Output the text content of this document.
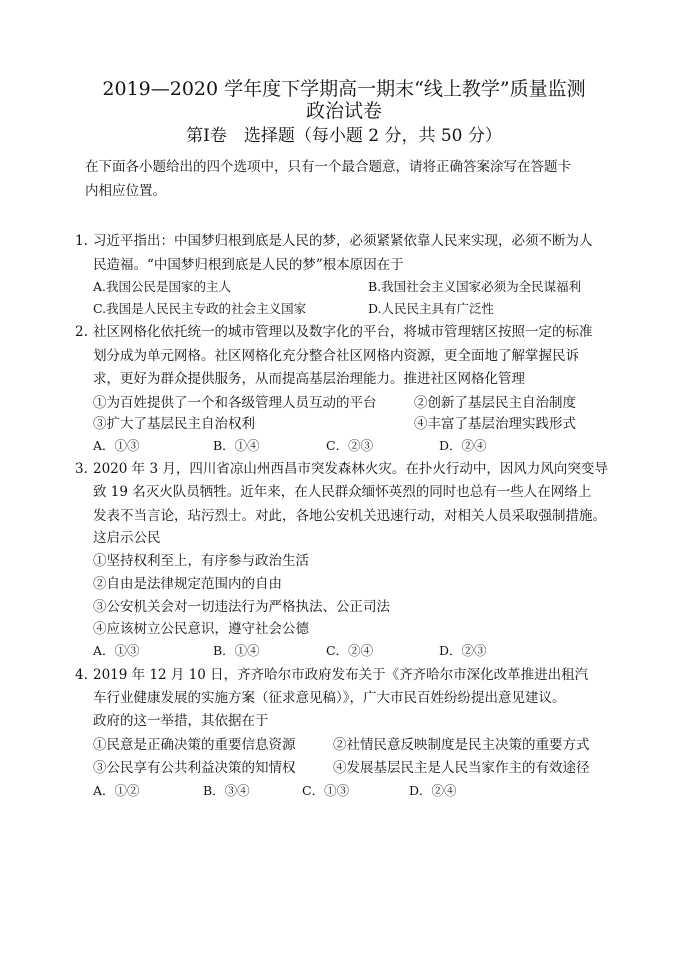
2019—2020 学年度下学期高一期末“线上教学”质量监测
政治试卷
第Ⅰ卷　选择题（每小题 2 分，共 50 分）
在下面各小题给出的四个选项中，只有一个最合题意，请将正确答案涂写在答题卡
内相应位置。
1. 习近平指出：中国梦归根到底是人民的梦，必须紧紧依靠人民来实现，必须不断为人
民造福。“中国梦归根到底是人民的梦”根本原因在于
A.我国公民是国家的主人	B.我国社会主义国家必须为全民谋福利
C.我国是人民民主专政的社会主义国家	D.人民民主具有广泛性
2. 社区网格化依托统一的城市管理以及数字化的平台，将城市管理辖区按照一定的标准
划分成为单元网格。社区网格化充分整合社区网格内资源，更全面地了解掌握民诉
求，更好为群众提供服务，从而提高基层治理能力。推进社区网格化管理
①为百姓提供了一个和各级管理人员互动的平台	②创新了基层民主自治制度
③扩大了基层民主自治权利	④丰富了基层治理实践形式
A．①③	B．①④	C．②③	D．②④
3. 2020 年 3 月，四川省凉山州西昌市突发森林火灾。在扑火行动中，因风力风向突变导
致 19 名灭火队员牺牲。近年来，在人民群众缅怀英烈的同时也总有一些人在网络上
发表不当言论，玷污烈士。对此，各地公安机关迅速行动，对相关人员采取强制措施。
这启示公民
①坚持权利至上，有序参与政治生活
②自由是法律规定范围内的自由
③公安机关会对一切违法行为严格执法、公正司法
④应该树立公民意识，遵守社会公德
A．①③	B．①④	C．②④	D．②③
4. 2019 年 12 月 10 日，齐齐哈尔市政府发布关于《齐齐哈尔市深化改革推进出租汽
车行业健康发展的实施方案（征求意见稿）》，广大市民百姓纷纷提出意见建议。
政府的这一举措，其依据在于
①民意是正确决策的重要信息资源	②社情民意反映制度是民主决策的重要方式
③公民享有公共利益决策的知情权	④发展基层民主是人民当家作主的有效途径
A．①②	B．③④	C．①③	D．②④
